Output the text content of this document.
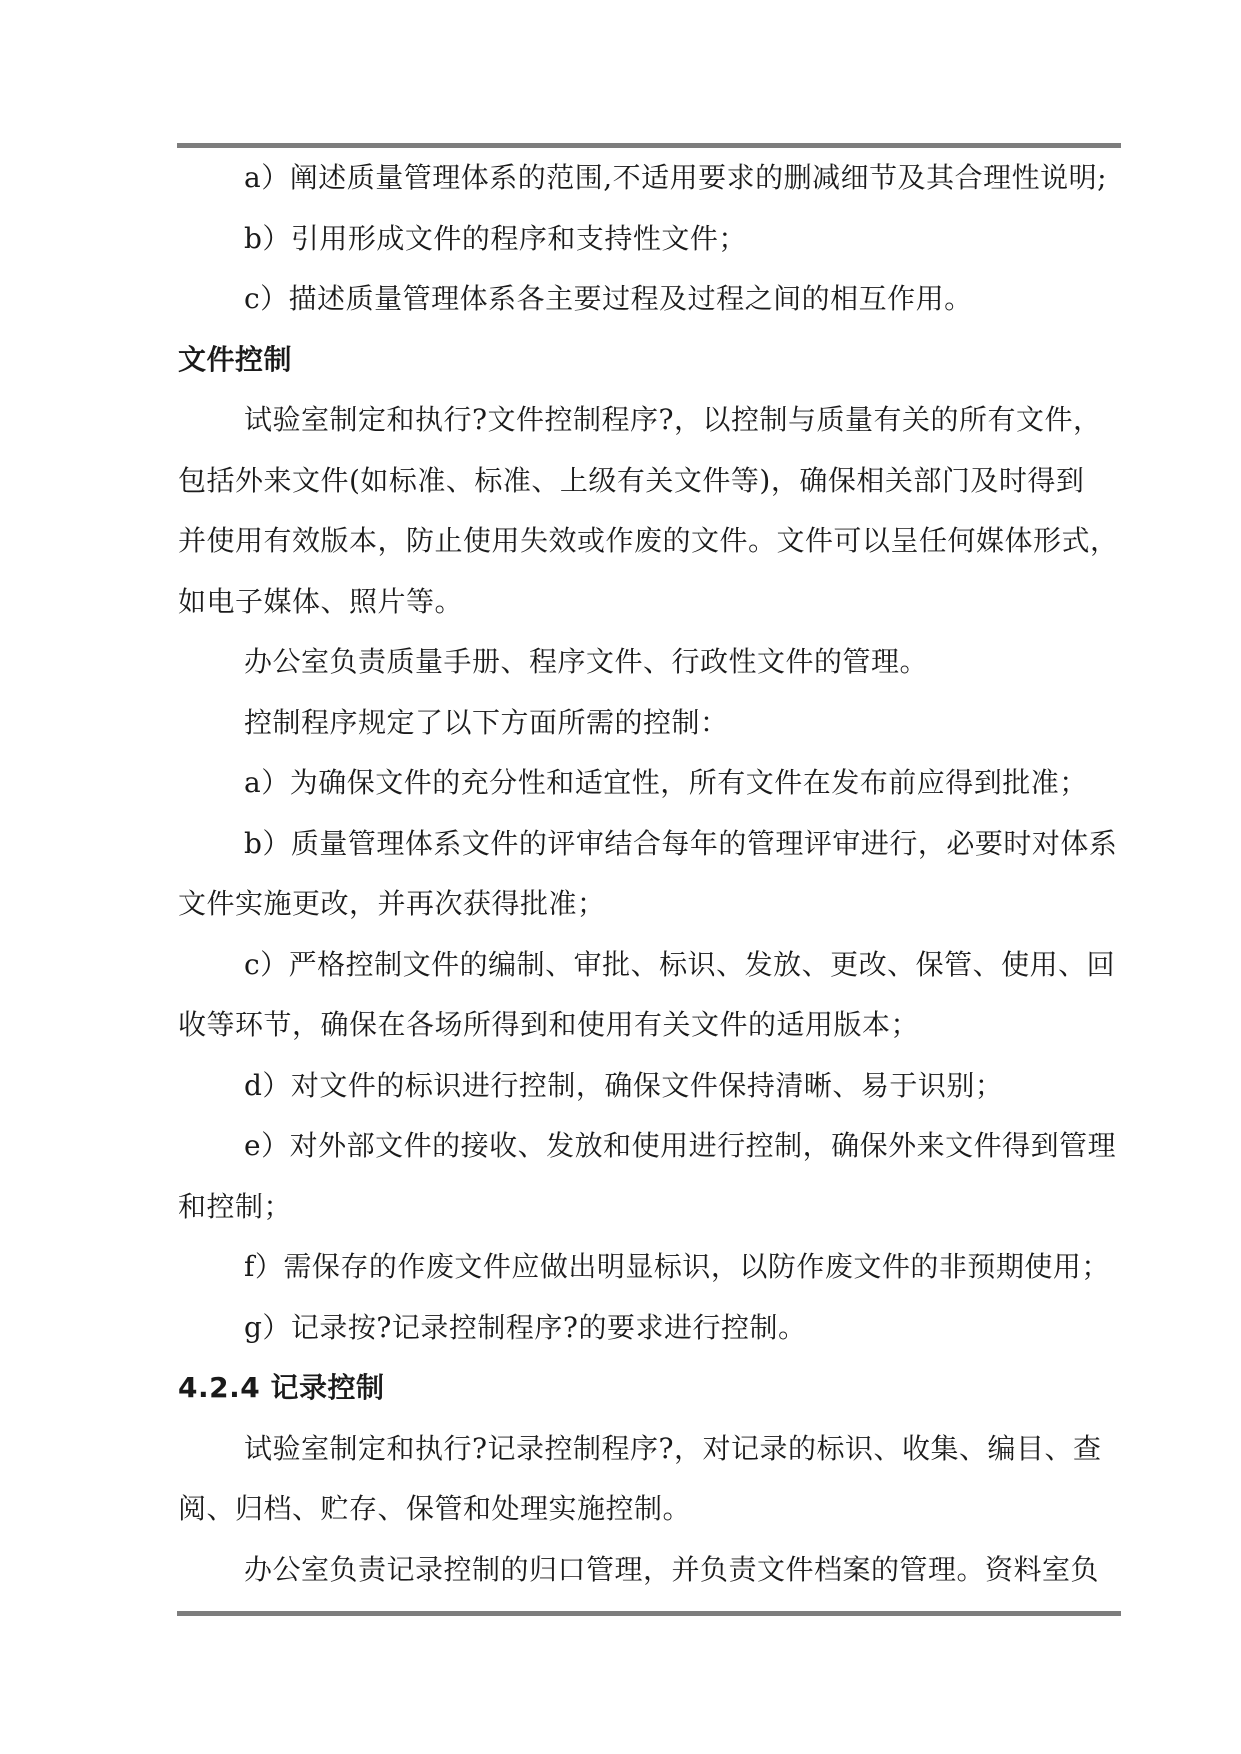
a）阐述质量管理体系的范围,不适用要求的删减细节及其合理性说明;
b）引用形成文件的程序和支持性文件；
c）描述质量管理体系各主要过程及过程之间的相互作用。
文件控制
试验室制定和执行?文件控制程序?，以控制与质量有关的所有文件，
包括外来文件(如标准、标准、上级有关文件等)，确保相关部门及时得到
并使用有效版本，防止使用失效或作废的文件。文件可以呈任何媒体形式，
如电子媒体、照片等。
办公室负责质量手册、程序文件、行政性文件的管理。
控制程序规定了以下方面所需的控制：
a）为确保文件的充分性和适宜性，所有文件在发布前应得到批准；
b）质量管理体系文件的评审结合每年的管理评审进行，必要时对体系
文件实施更改，并再次获得批准；
c）严格控制文件的编制、审批、标识、发放、更改、保管、使用、回
收等环节，确保在各场所得到和使用有关文件的适用版本；
d）对文件的标识进行控制，确保文件保持清晰、易于识别；
e）对外部文件的接收、发放和使用进行控制，确保外来文件得到管理
和控制；
f）需保存的作废文件应做出明显标识，以防作废文件的非预期使用；
g）记录按?记录控制程序?的要求进行控制。
4.2.4 记录控制
试验室制定和执行?记录控制程序?，对记录的标识、收集、编目、查
阅、归档、贮存、保管和处理实施控制。
办公室负责记录控制的归口管理，并负责文件档案的管理。资料室负
